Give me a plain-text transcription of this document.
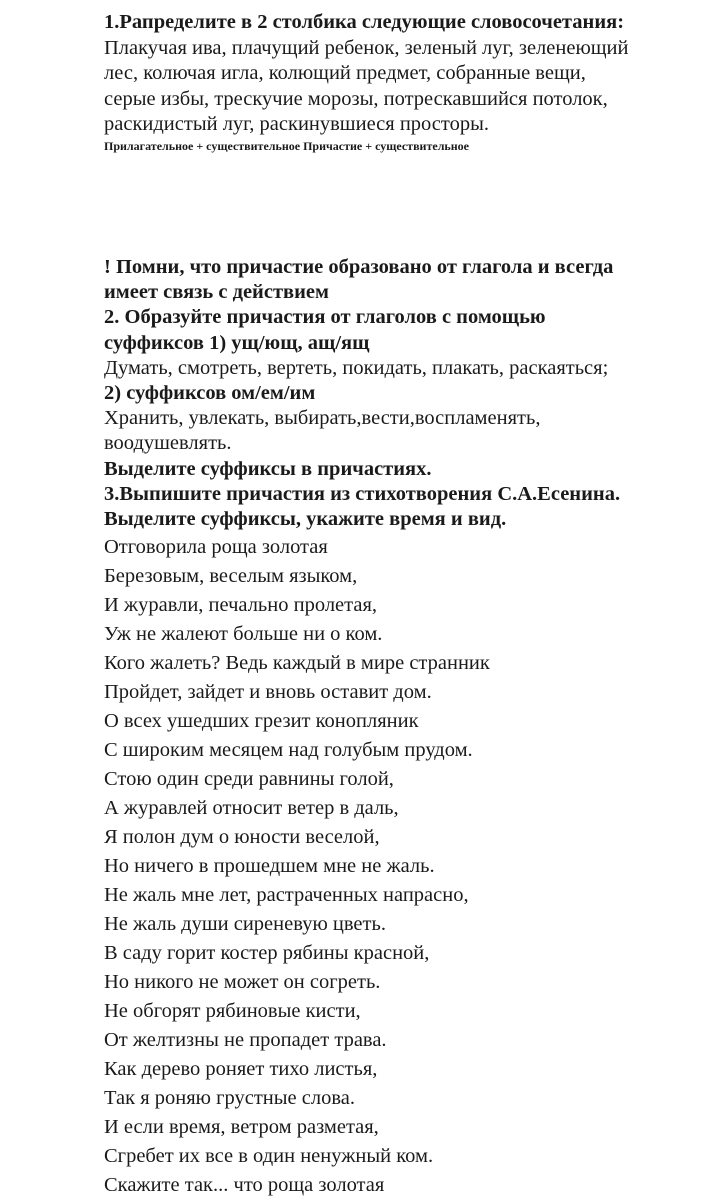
1.Рапределите в 2 столбика следующие словосочетания:
Плакучая ива, плачущий ребенок, зеленый луг, зеленеющий
лес, колючая игла, колющий предмет, собранные вещи,
серые избы, трескучие морозы, потрескавшийся потолок,
раскидистый луг, раскинувшиеся просторы.
Прилагательное + существительное Причастие + существительное
! Помни, что причастие образовано от глагола и всегда
имеет связь с действием
2. Образуйте причастия от глаголов с помощью
суффиксов 1) ущ/ющ, ащ/ящ
Думать, смотреть, вертеть, покидать, плакать, раскаяться;
2) суффиксов ом/ем/им
Хранить, увлекать, выбирать,вести,воспламенять,
воодушевлять.
Выделите суффиксы в причастиях.
3.Выпишите причастия из стихотворения С.А.Есенина.
Выделите суффиксы, укажите время и вид.
Отговорила роща золотая
Березовым, веселым языком,
И журавли, печально пролетая,
Уж не жалеют больше ни о ком.
Кого жалеть? Ведь каждый в мире странник
Пройдет, зайдет и вновь оставит дом.
О всех ушедших грезит конопляник
С широким месяцем над голубым прудом.
Стою один среди равнины голой,
А журавлей относит ветер в даль,
Я полон дум о юности веселой,
Но ничего в прошедшем мне не жаль.
Не жаль мне лет, растраченных напрасно,
Не жаль души сиреневую цветь.
В саду горит костер рябины красной,
Но никого не может он согреть.
Не обгорят рябиновые кисти,
От желтизны не пропадет трава.
Как дерево роняет тихо листья,
Так я роняю грустные слова.
И если время, ветром разметая,
Сгребет их все в один ненужный ком.
Скажите так... что роща золотая
